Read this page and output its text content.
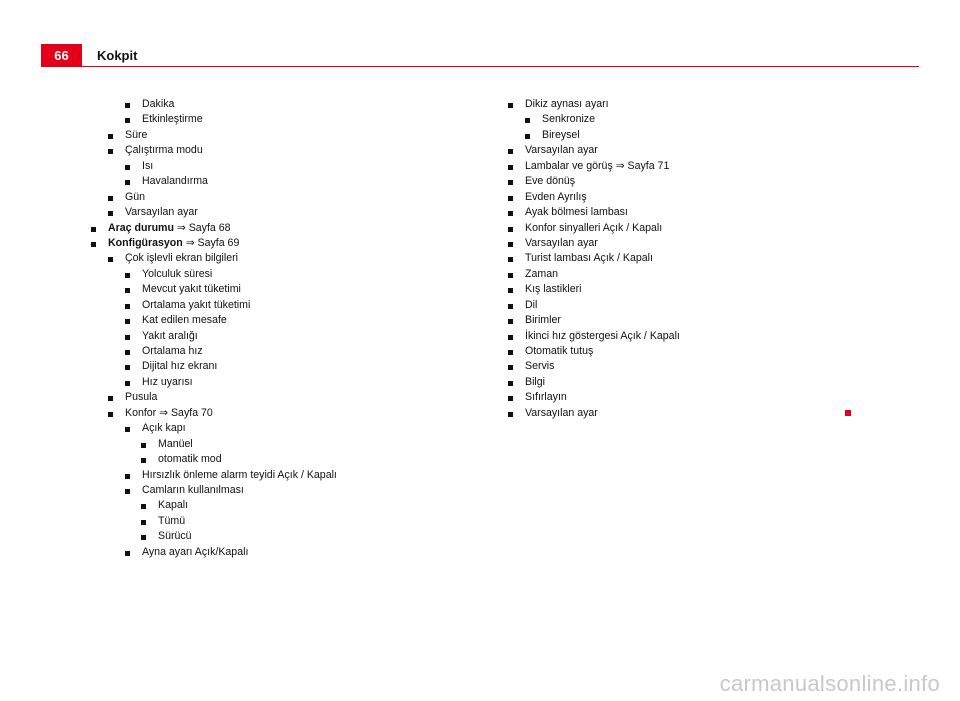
66	Kokpit
Dakika
Etkinleştirme
Süre
Çalıştırma modu
Isı
Havalandırma
Gün
Varsayılan ayar
Araç durumu ⇒ Sayfa 68
Konfigürasyon ⇒ Sayfa 69
Çok işlevli ekran bilgileri
Yolculuk süresi
Mevcut yakıt tüketimi
Ortalama yakıt tüketimi
Kat edilen mesafe
Yakıt aralığı
Ortalama hız
Dijital hız ekranı
Hız uyarısı
Pusula
Konfor ⇒ Sayfa 70
Açık kapı
Manüel
otomatik mod
Hırsızlık önleme alarm teyidi Açık / Kapalı
Camların kullanılması
Kapalı
Tümü
Sürücü
Ayna ayarı Açık/Kapalı
Dikiz aynası ayarı
Senkronize
Bireysel
Varsayılan ayar
Lambalar ve görüş ⇒ Sayfa 71
Eve dönüş
Evden Ayrılış
Ayak bölmesi lambası
Konfor sinyalleri Açık / Kapalı
Varsayılan ayar
Turist lambası Açık / Kapalı
Zaman
Kış lastikleri
Dil
Birimler
İkinci hız göstergesi Açık / Kapalı
Otomatik tutuş
Servis
Bilgi
Sıfırlayın
Varsayılan ayar
carmanualsonline.info
